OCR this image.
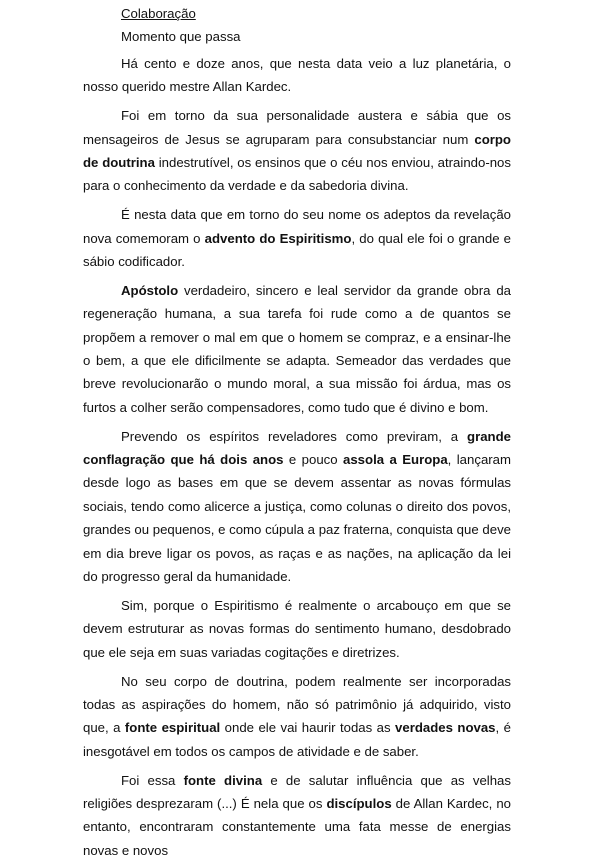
Colaboração
Momento que passa

Há cento e doze anos, que nesta data veio a luz planetária, o nosso querido mestre Allan Kardec.

Foi em torno da sua personalidade austera e sábia que os mensageiros de Jesus se agruparam para consubstanciar num corpo de doutrina indestrutível, os ensinos que o céu nos enviou, atraindo-nos para o conhecimento da verdade e da sabedoria divina.

É nesta data que em torno do seu nome os adeptos da revelação nova comemoram o advento do Espiritismo, do qual ele foi o grande e sábio codificador.

Apóstolo verdadeiro, sincero e leal servidor da grande obra da regeneração humana, a sua tarefa foi rude como a de quantos se propõem a remover o mal em que o homem se compraz, e a ensinar-lhe o bem, a que ele dificilmente se adapta. Semeador das verdades que breve revolucionarão o mundo moral, a sua missão foi árdua, mas os furtos a colher serão compensadores, como tudo que é divino e bom.

Prevendo os espíritos reveladores como previram, a grande conflagração que há dois anos e pouco assola a Europa, lançaram desde logo as bases em que se devem assentar as novas fórmulas sociais, tendo como alicerce a justiça, como colunas o direito dos povos, grandes ou pequenos, e como cúpula a paz fraterna, conquista que deve em dia breve ligar os povos, as raças e as nações, na aplicação da lei do progresso geral da humanidade.

Sim, porque o Espiritismo é realmente o arcabouço em que se devem estruturar as novas formas do sentimento humano, desdobrado que ele seja em suas variadas cogitações e diretrizes.

No seu corpo de doutrina, podem realmente ser incorporadas todas as aspirações do homem, não só patrimônio já adquirido, visto que, a fonte espiritual onde ele vai haurir todas as verdades novas, é inesgotável em todos os campos de atividade e de saber.

Foi essa fonte divina e de salutar influência que as velhas religiões desprezaram (...) É nela que os discípulos de Allan Kardec, no entanto, encontraram constantemente uma fata messe de energias novas e novos
